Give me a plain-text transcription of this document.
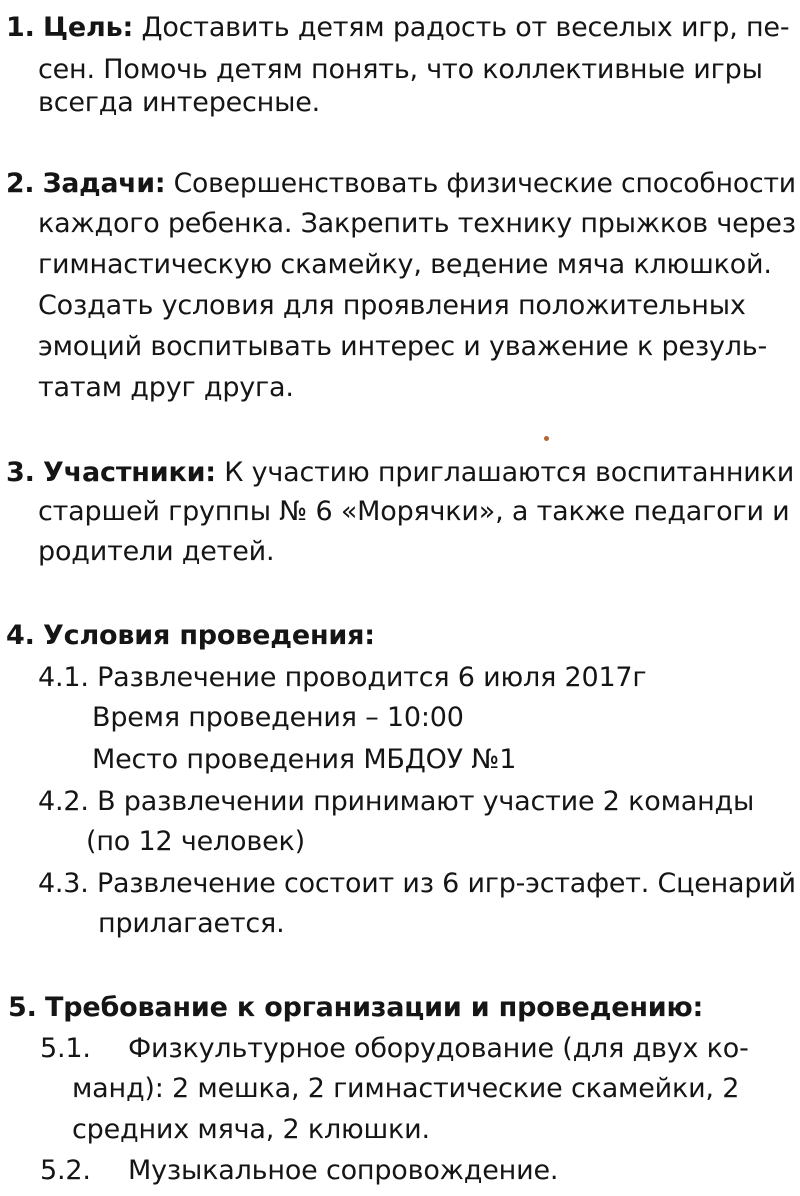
1. Цель: Доставить детям радость от веселых игр, пе-
сен. Помочь детям понять, что коллективные игры
всегда интересные.
2. Задачи: Совершенствовать физические способности
каждого ребенка. Закрепить технику прыжков через
гимнастическую скамейку, ведение мяча клюшкой.
Создать условия для проявления положительных
эмоций воспитывать интерес и уважение к резуль-
татам друг друга.
3. Участники: К участию приглашаются воспитанники
старшей группы № 6 «Морячки», а также педагоги и
родители детей.
4. Условия проведения:
4.1. Развлечение проводится 6 июля 2017г
Время проведения – 10:00
Место проведения МБДОУ №1
4.2. В развлечении принимают участие 2 команды
(по 12 человек)
4.3. Развлечение состоит из 6 игр-эстафет. Сценарий
прилагается.
5. Требование к организации и проведению:
5.1. Физкультурное оборудование (для двух ко-
манд): 2 мешка, 2 гимнастические скамейки, 2
средних мяча, 2 клюшки.
5.2. Музыкальное сопровождение.
